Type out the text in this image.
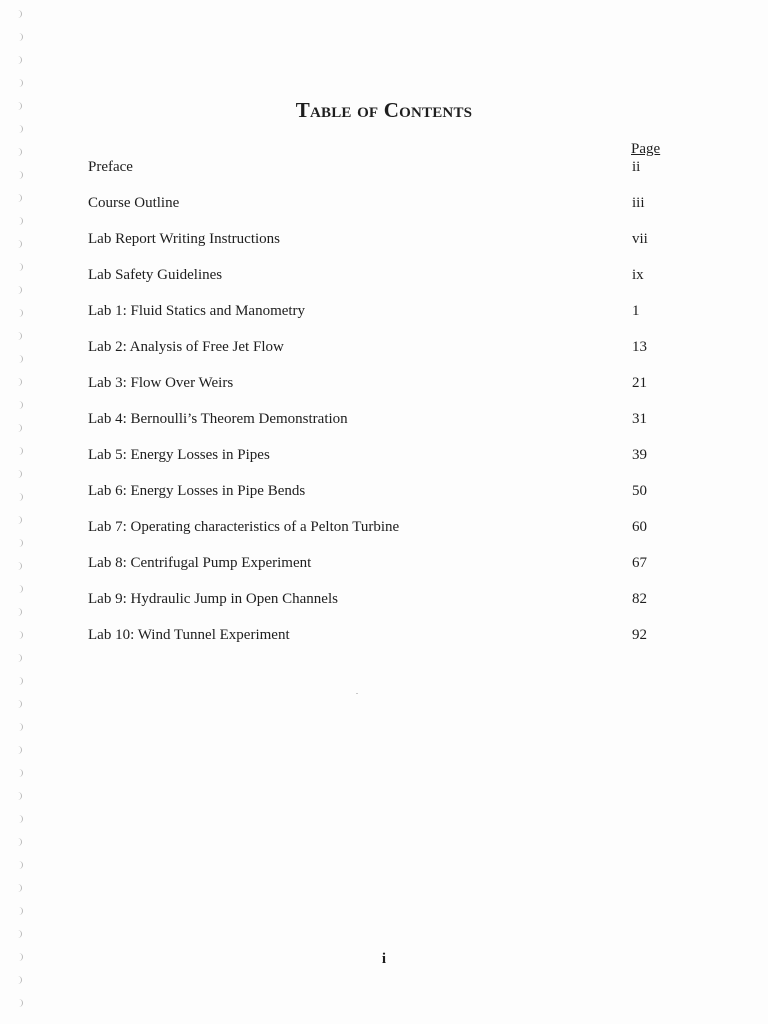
Table of Contents
Page
Preface	ii
Course Outline	iii
Lab Report Writing Instructions	vii
Lab Safety Guidelines	ix
Lab 1: Fluid Statics and Manometry	1
Lab 2: Analysis of Free Jet Flow	13
Lab 3: Flow Over Weirs	21
Lab 4: Bernoulli’s Theorem Demonstration	31
Lab 5: Energy Losses in Pipes	39
Lab 6: Energy Losses in Pipe Bends	50
Lab 7: Operating characteristics of a Pelton Turbine	60
Lab 8: Centrifugal Pump Experiment	67
Lab 9: Hydraulic Jump in Open Channels	82
Lab 10: Wind Tunnel Experiment	92
i
